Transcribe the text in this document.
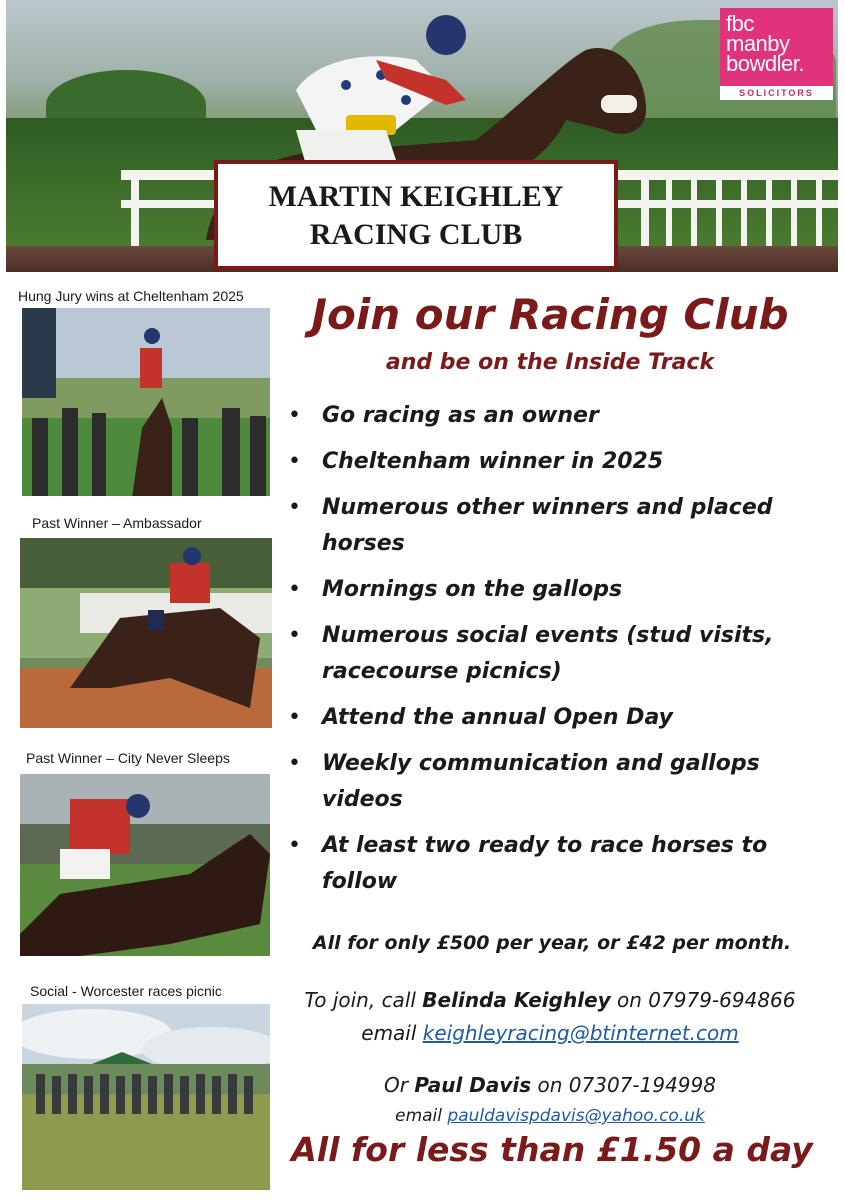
fbc
manby
bowdler.
SOLICITORS
MARTIN KEIGHLEY
RACING CLUB
Hung Jury wins at Cheltenham 2025
Past Winner – Ambassador
Past Winner – City Never Sleeps
Social - Worcester races picnic
Join our Racing Club
and be on the Inside Track
• Go racing as an owner
• Cheltenham winner in 2025
• Numerous other winners and placed horses
• Mornings on the gallops
• Numerous social events (stud visits, racecourse picnics)
• Attend the annual Open Day
• Weekly communication and gallops videos
• At least two ready to race horses to follow
All for only £500 per year, or £42 per month.
To join, call Belinda Keighley on 07979-694866
email keighleyracing@btinternet.com
Or Paul Davis on 07307-194998
email pauldavispdavis@yahoo.co.uk
All for less than £1.50 a day
